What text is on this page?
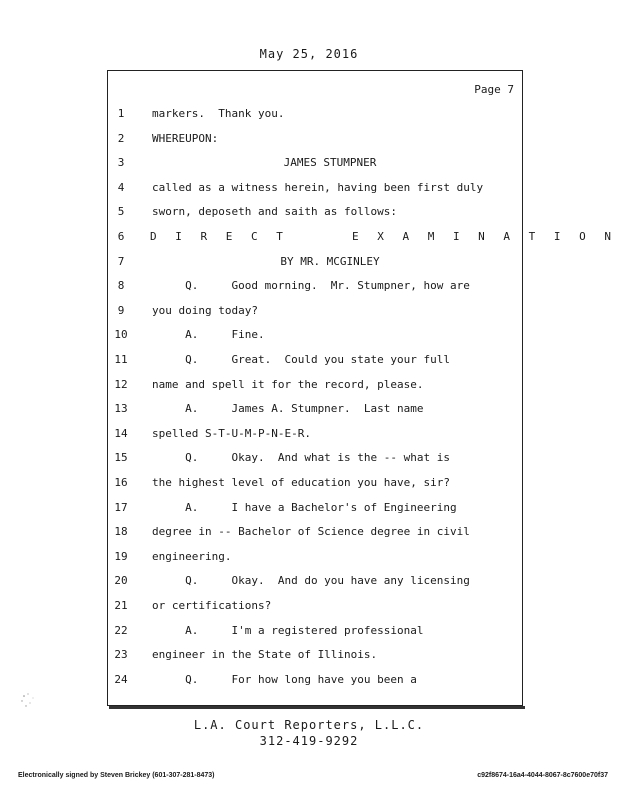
May 25, 2016
Page 7
1	markers.  Thank you.
2	WHEREUPON:
3	JAMES STUMPNER
4	called as a witness herein, having been first duly
5	sworn, deposeth and saith as follows:
6	D I R E C T     E X A M I N A T I O N
7	BY MR. MCGINLEY
8	Q.     Good morning.  Mr. Stumpner, how are
9	you doing today?
10	A.     Fine.
11	Q.     Great.  Could you state your full
12	name and spell it for the record, please.
13	A.     James A. Stumpner.  Last name
14	spelled S-T-U-M-P-N-E-R.
15	Q.     Okay.  And what is the -- what is
16	the highest level of education you have, sir?
17	A.     I have a Bachelor's of Engineering
18	degree in -- Bachelor of Science degree in civil
19	engineering.
20	Q.     Okay.  And do you have any licensing
21	or certifications?
22	A.     I'm a registered professional
23	engineer in the State of Illinois.
24	Q.     For how long have you been a
L.A. Court Reporters, L.L.C.
312-419-9292
Electronically signed by Steven Brickey (601-307-281-8473)	c92f8674-16a4-4044-8067-8c7600e70f37
